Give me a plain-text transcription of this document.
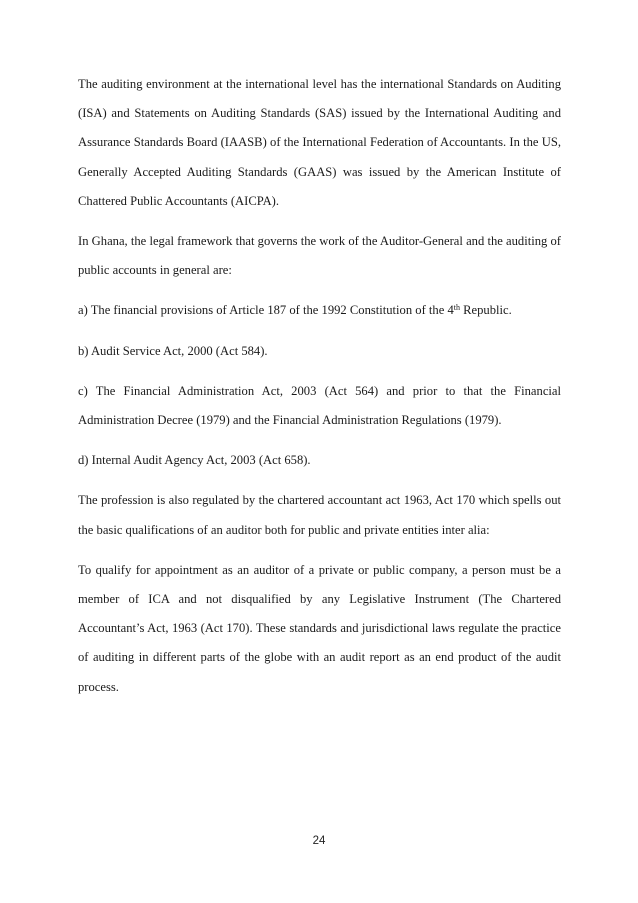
The auditing environment at the international level has the international Standards on Auditing (ISA) and Statements on Auditing Standards (SAS) issued by the International Auditing and Assurance Standards Board (IAASB) of the International Federation of Accountants. In the US, Generally Accepted Auditing Standards (GAAS) was issued by the American Institute of Chattered Public Accountants (AICPA).

In Ghana, the legal framework that governs the work of the Auditor-General and the auditing of public accounts in general are:

a) The financial provisions of Article 187 of the 1992 Constitution of the 4th Republic.

b) Audit Service Act, 2000 (Act 584).

c) The Financial Administration Act, 2003 (Act 564) and prior to that the Financial Administration Decree (1979) and the Financial Administration Regulations (1979).

d) Internal Audit Agency Act, 2003 (Act 658).

The profession is also regulated by the chartered accountant act 1963, Act 170 which spells out the basic qualifications of an auditor both for public and private entities inter alia:

To qualify for appointment as an auditor of a private or public company, a person must be a member of ICA and not disqualified by any Legislative Instrument (The Chartered Accountant’s Act, 1963 (Act 170). These standards and jurisdictional laws regulate the practice of auditing in different parts of the globe with an audit report as an end product of the audit process.

24
